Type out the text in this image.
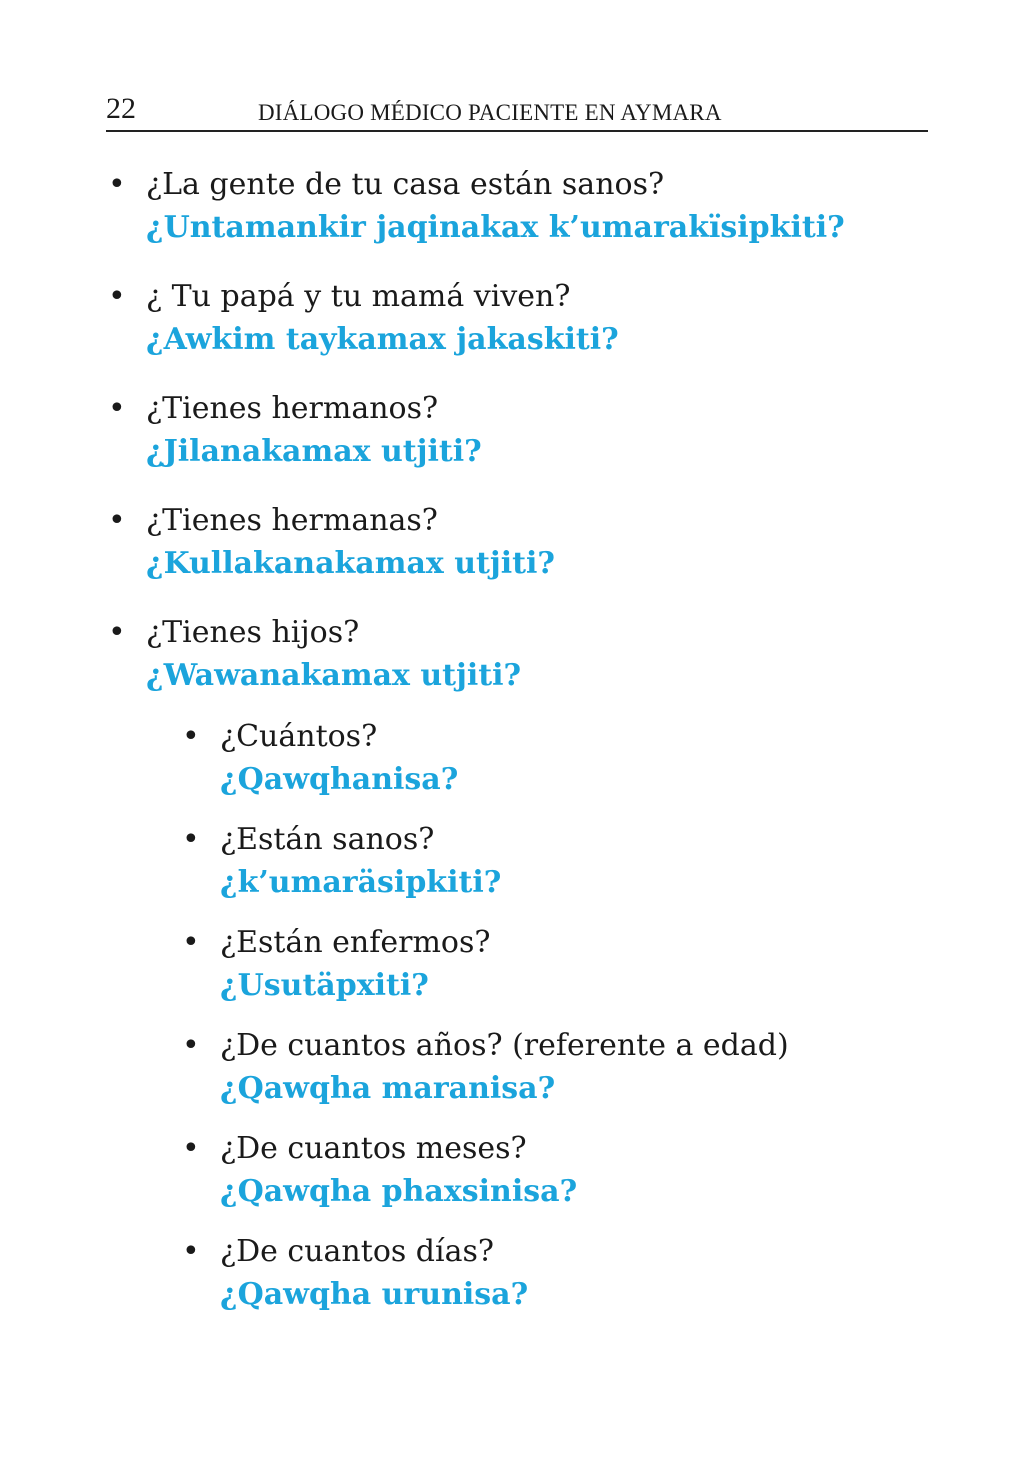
22	DIÁLOGO MÉDICO PACIENTE EN AYMARA
• ¿La gente de tu casa están sanos?
¿Untamankir jaqinakax k’umarakïsipkiti?
• ¿ Tu papá y tu mamá viven?
¿Awkim taykamax jakaskiti?
• ¿Tienes hermanos?
¿Jilanakamax utjiti?
• ¿Tienes hermanas?
¿Kullakanakamax utjiti?
• ¿Tienes hijos?
¿Wawanakamax utjiti?
• ¿Cuántos?
¿Qawqhanisa?
• ¿Están sanos?
¿k’umaräsipkiti?
• ¿Están enfermos?
¿Usutäpxiti?
• ¿De cuantos años? (referente a edad)
¿Qawqha maranisa?
• ¿De cuantos meses?
¿Qawqha phaxsinisa?
• ¿De cuantos días?
¿Qawqha urunisa?
